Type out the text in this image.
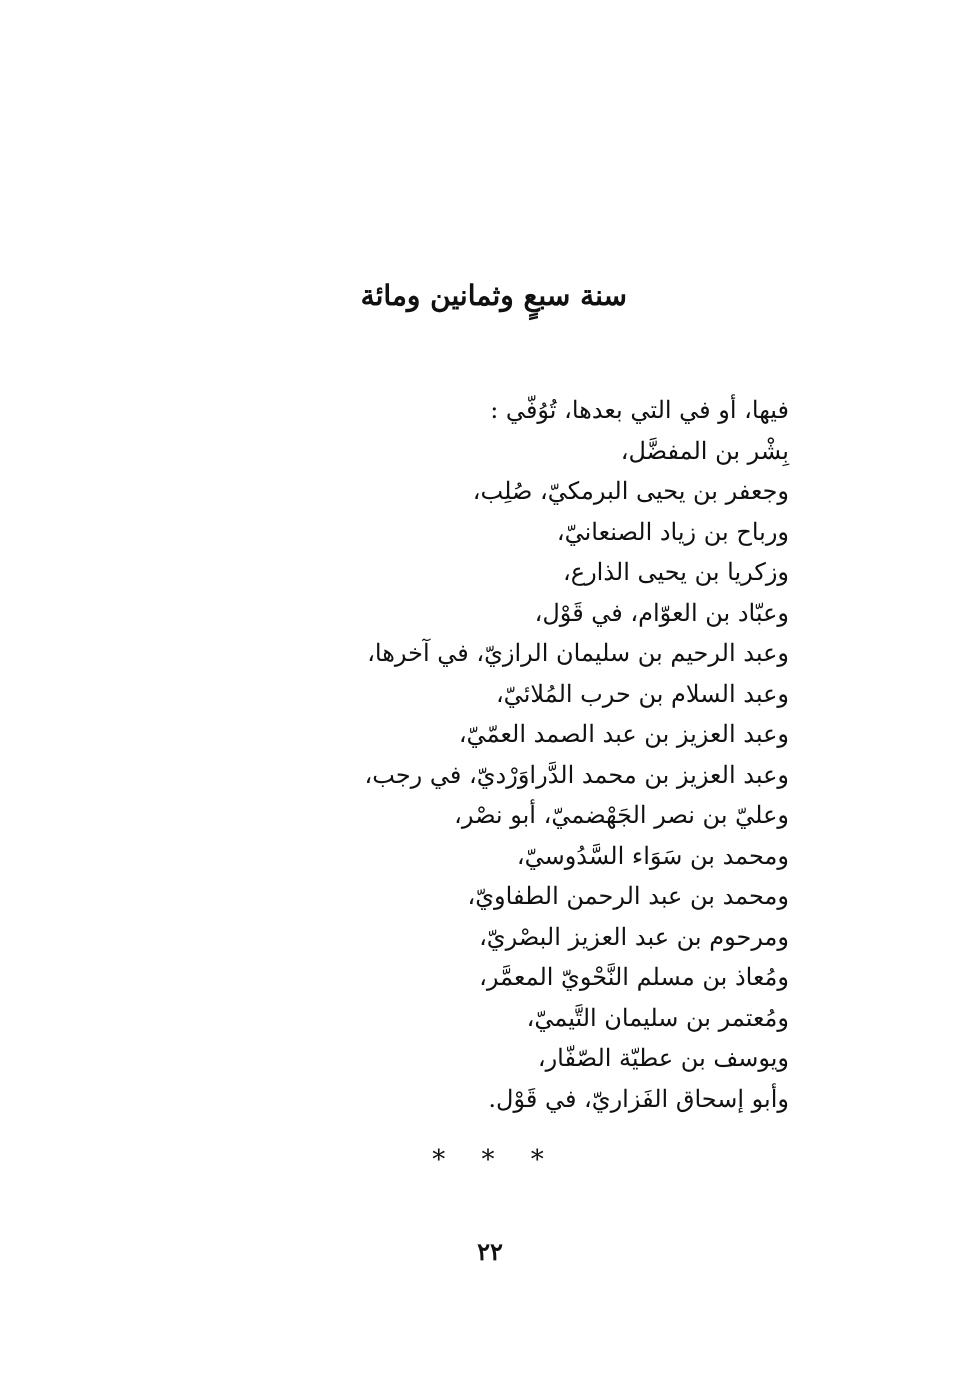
سنة سبعٍ وثمانين ومائة
فيها، أو في التي بعدها، تُوُفّي :
بِشْر بن المفضَّل،
وجعفر بن يحيى البرمكيّ، صُلِب،
ورباح بن زياد الصنعانيّ،
وزكريا بن يحيى الذارع،
وعبّاد بن العوّام، في قَوْل،
وعبد الرحيم بن سليمان الرازيّ، في آخرها،
وعبد السلام بن حرب المُلائيّ،
وعبد العزيز بن عبد الصمد العمّيّ،
وعبد العزيز بن محمد الدَّراوَرْديّ، في رجب،
وعليّ بن نصر الجَهْضميّ، أبو نصْر،
ومحمد بن سَوَاء السَّدُوسيّ،
ومحمد بن عبد الرحمن الطفاويّ،
ومرحوم بن عبد العزيز البصْريّ،
ومُعاذ بن مسلم النَّحْويّ المعمَّر،
ومُعتمر بن سليمان التَّيميّ،
ويوسف بن عطيّة الصّفّار،
وأبو إسحاق الفَزاريّ، في قَوْل.
* * *
٢٢
